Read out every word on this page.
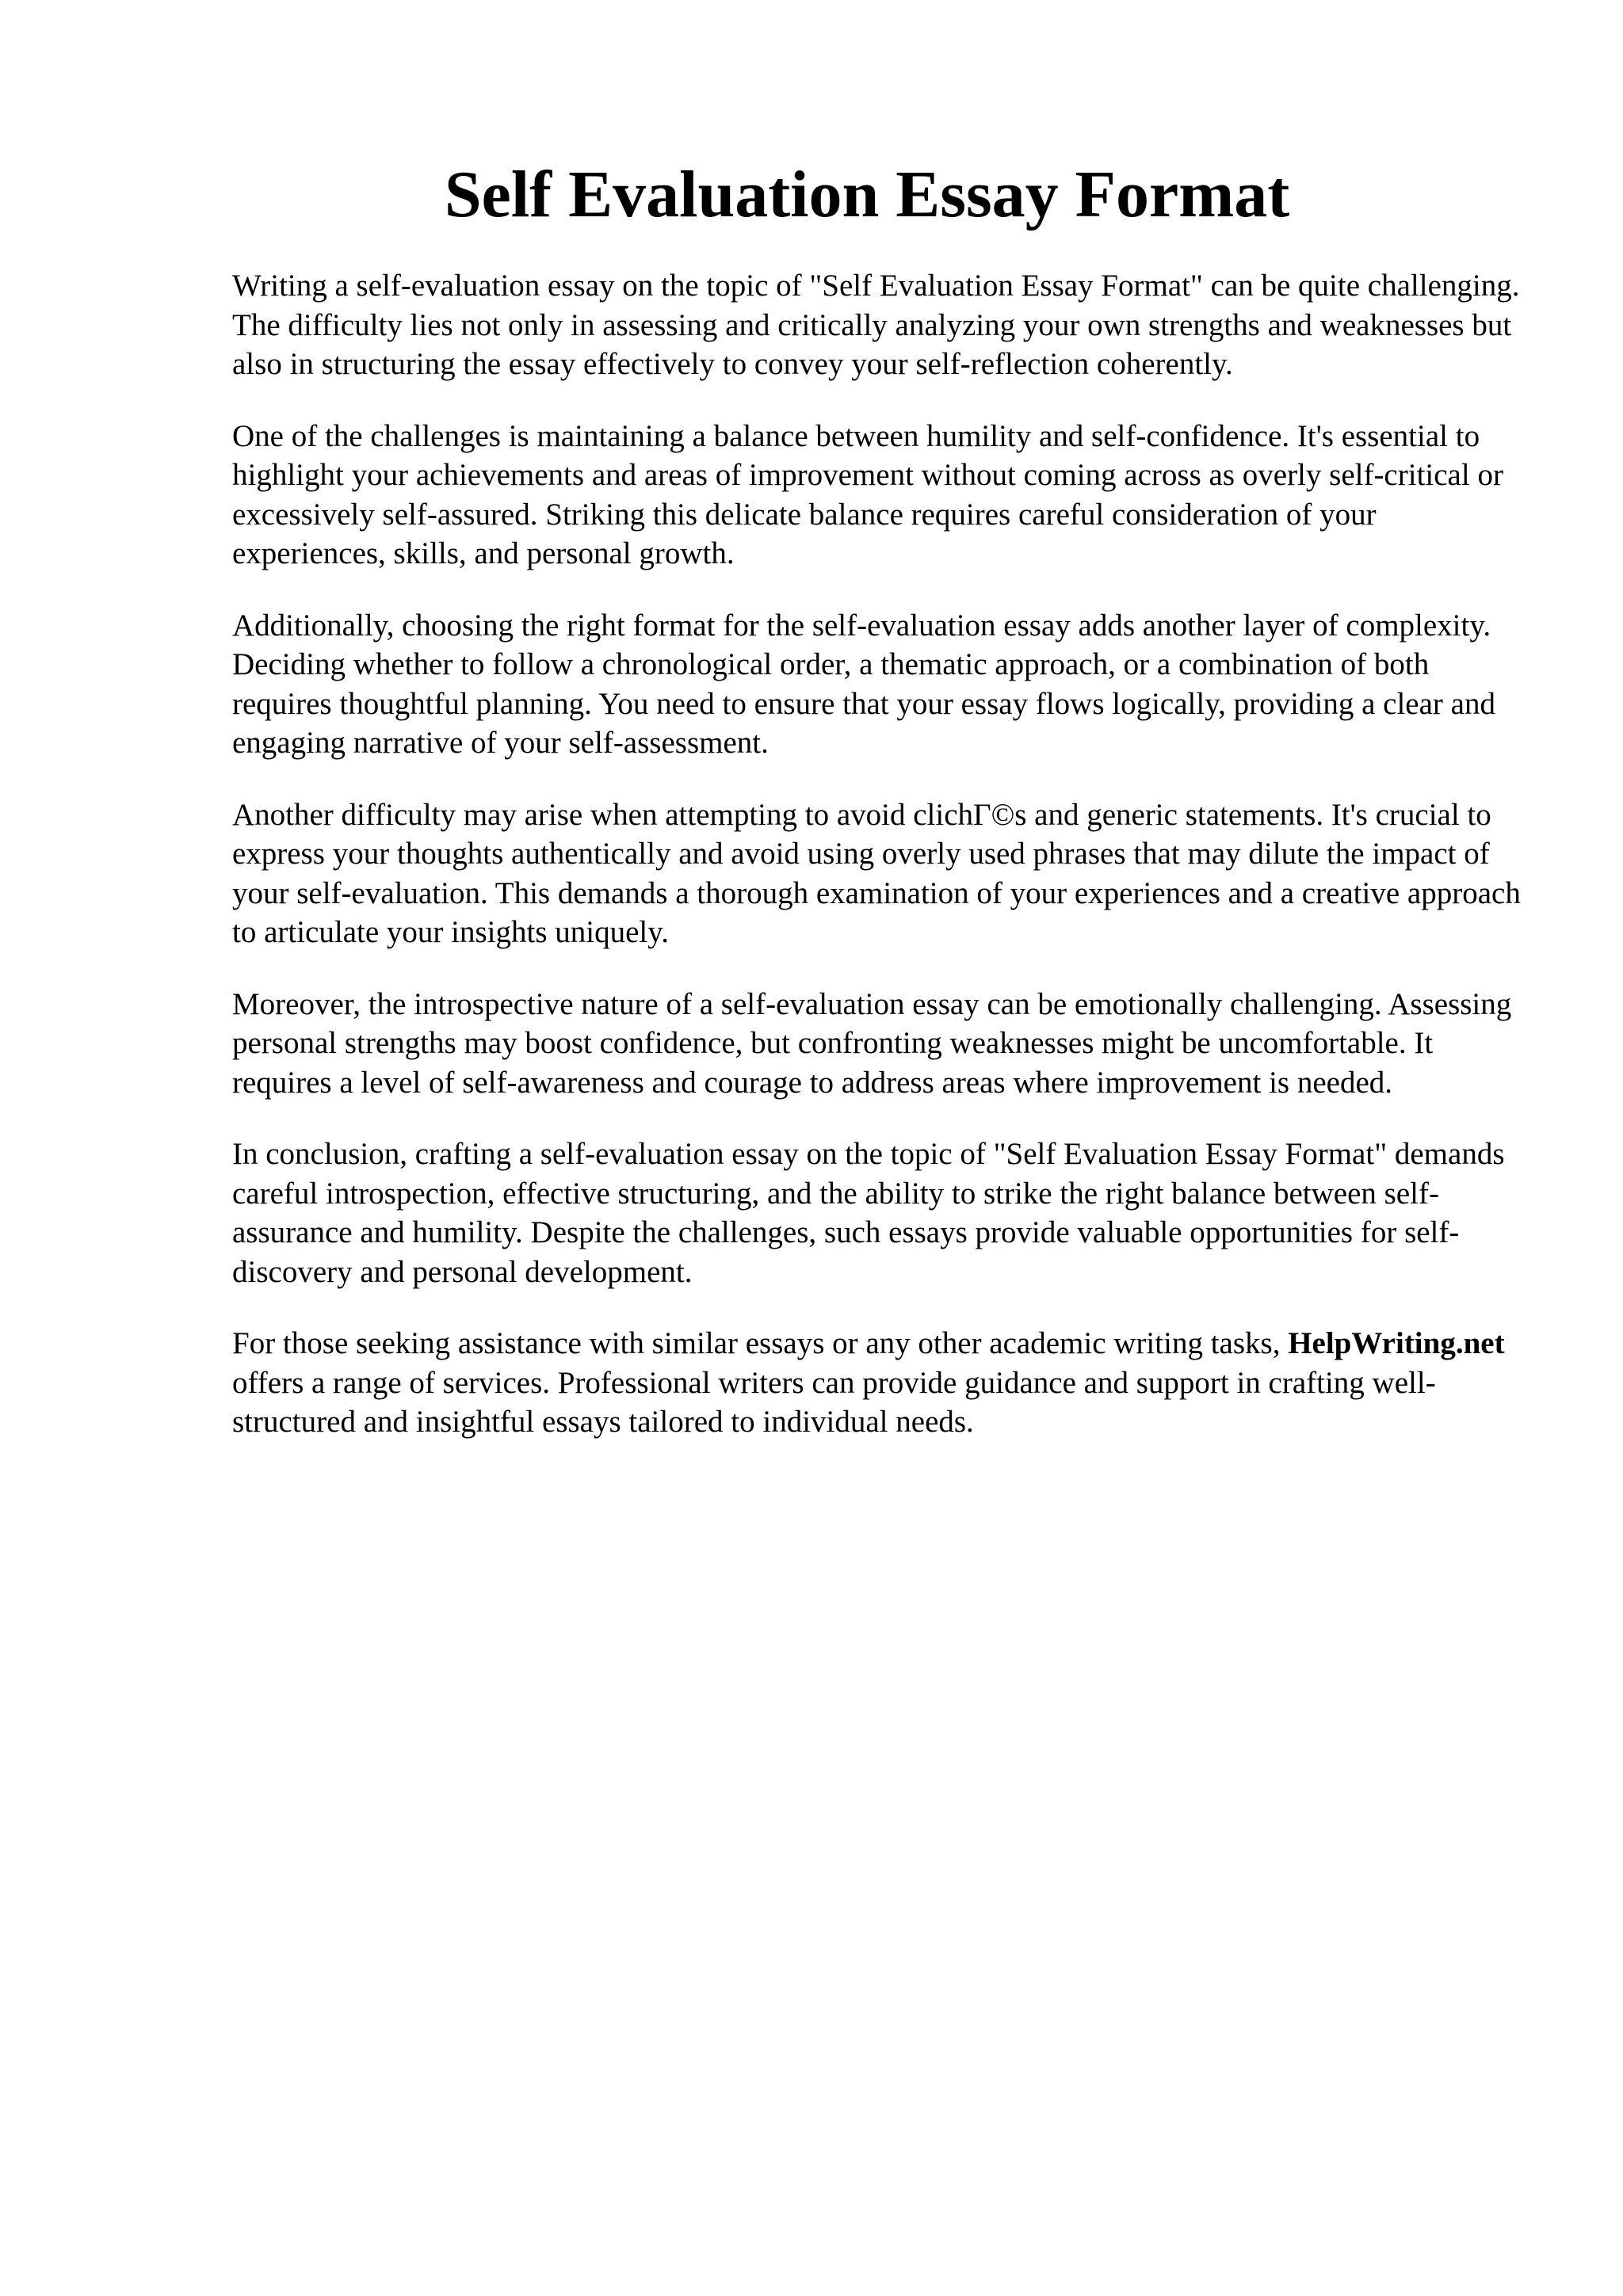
Self Evaluation Essay Format

Writing a self-evaluation essay on the topic of "Self Evaluation Essay Format" can be quite challenging. The difficulty lies not only in assessing and critically analyzing your own strengths and weaknesses but also in structuring the essay effectively to convey your self-reflection coherently.

One of the challenges is maintaining a balance between humility and self-confidence. It's essential to highlight your achievements and areas of improvement without coming across as overly self-critical or excessively self-assured. Striking this delicate balance requires careful consideration of your experiences, skills, and personal growth.

Additionally, choosing the right format for the self-evaluation essay adds another layer of complexity. Deciding whether to follow a chronological order, a thematic approach, or a combination of both requires thoughtful planning. You need to ensure that your essay flows logically, providing a clear and engaging narrative of your self-assessment.

Another difficulty may arise when attempting to avoid clichΓ©s and generic statements. It's crucial to express your thoughts authentically and avoid using overly used phrases that may dilute the impact of your self-evaluation. This demands a thorough examination of your experiences and a creative approach to articulate your insights uniquely.

Moreover, the introspective nature of a self-evaluation essay can be emotionally challenging. Assessing personal strengths may boost confidence, but confronting weaknesses might be uncomfortable. It requires a level of self-awareness and courage to address areas where improvement is needed.

In conclusion, crafting a self-evaluation essay on the topic of "Self Evaluation Essay Format" demands careful introspection, effective structuring, and the ability to strike the right balance between self-assurance and humility. Despite the challenges, such essays provide valuable opportunities for self-discovery and personal development.

For those seeking assistance with similar essays or any other academic writing tasks, HelpWriting.net offers a range of services. Professional writers can provide guidance and support in crafting well-structured and insightful essays tailored to individual needs.
